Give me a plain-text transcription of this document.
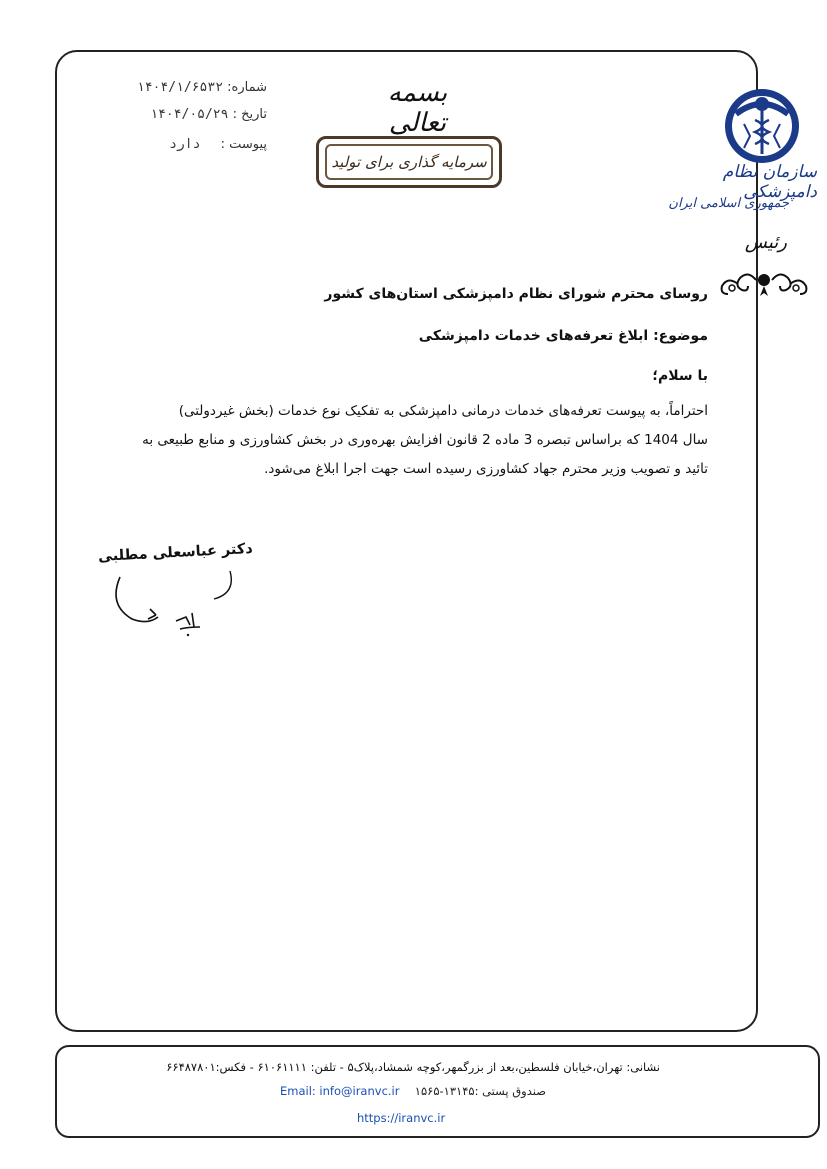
شماره: ۱۴۰۴/۱/۶۵۳۲
تاریخ : ۱۴۰۴/۰۵/۲۹
پیوست : دارد
بسمه تعالی
سرمایه گذاری برای تولید	سازمان نظام دامپزشکی
جمهوری اسلامی ایران
رئیس
روسای محترم شورای نظام دامپزشکی استان‌های کشور
موضوع: ابلاغ تعرفه‌های خدمات دامپزشکی
با سلام؛
احتراماً، به پیوست تعرفه‌های خدمات درمانی دامپزشکی به تفکیک نوع خدمات (بخش غیردولتی)
سال 1404 که براساس تبصره 3 ماده 2 قانون افزایش بهره‌وری در بخش کشاورزی و منابع طبیعی به
تائید و تصویب وزیر محترم جهاد کشاورزی رسیده است جهت اجرا ابلاغ می‌شود.
دکتر عباسعلی مطلبی
نشانی: تهران،خیابان فلسطین،بعد از بزرگمهر،کوچه شمشاد،پلاک۵ - تلفن: ۶۱۰۶۱۱۱۱ - فکس:۶۶۴۸۷۸۰۱
صندوق پستی :۱۳۱۴۵-۱۵۶۵  Email: info@iranvc.ir
https://iranvc.ir
